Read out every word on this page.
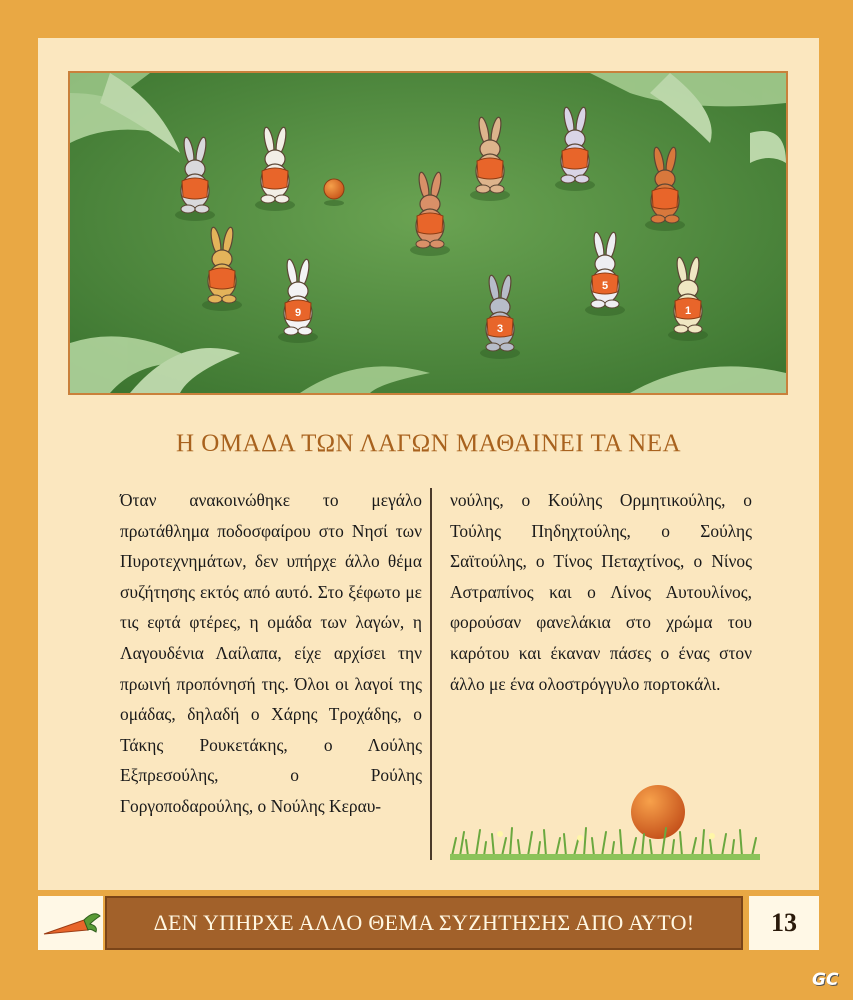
9
3
5
1
Η ΟΜΑΔΑ ΤΩΝ ΛΑΓΩΝ ΜΑΘΑΙΝΕΙ ΤΑ ΝΕΑ

Όταν ανακοινώθηκε το μεγάλο πρωτάθλημα ποδοσφαίρου στο Νησί των Πυροτεχνημάτων, δεν υπήρχε άλλο θέμα συζήτησης εκτός από αυτό. Στο ξέφωτο με τις εφτά φτέρες, η ομάδα των λαγών, η Λαγουδένια Λαίλαπα, είχε αρχίσει την πρωινή προπόνησή της. Όλοι οι λαγοί της ομάδας, δηλαδή ο Χάρης Τροχάδης, ο Τάκης Ρουκετάκης, ο Λούλης Εξπρεσούλης, ο Ρούλης Γοργοποδαρούλης, ο Νούλης Κεραυ-

νούλης, ο Κούλης Ορμητικούλης, ο Τούλης Πηδηχτούλης, ο Σούλης Σαϊτούλης, ο Τίνος Πεταχτίνος, ο Νίνος Αστραπίνος και ο Λίνος Αυτουλίνος, φορούσαν φανελάκια στο χρώμα του καρότου και έκαναν πάσες ο ένας στον άλλο με ένα ολοστρόγγυλο πορτοκάλι.

ΔΕΝ ΥΠΗΡΧΕ ΑΛΛΟ ΘΕΜΑ ΣΥΖΗΤΗΣΗΣ ΑΠΟ ΑΥΤΟ!	13
GC
